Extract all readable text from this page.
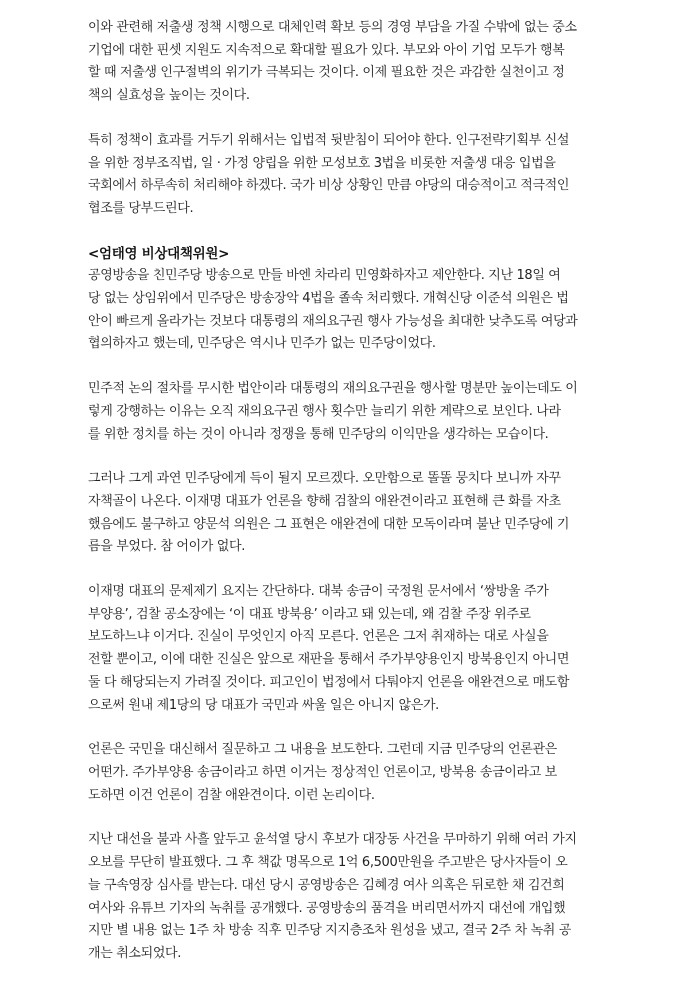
이와 관련해 저출생 정책 시행으로 대체인력 확보 등의 경영 부담을 가질 수밖에 없는 중소
기업에 대한 핀셋 지원도 지속적으로 확대할 필요가 있다. 부모와 아이 기업 모두가 행복
할 때 저출생 인구절벽의 위기가 극복되는 것이다. 이제 필요한 것은 과감한 실천이고 정
책의 실효성을 높이는 것이다.

특히 정책이 효과를 거두기 위해서는 입법적 뒷받침이 되어야 한다. 인구전략기획부 신설
을 위한 정부조직법, 일 · 가정 양립을 위한 모성보호 3법을 비롯한 저출생 대응 입법을
국회에서 하루속히 처리해야 하겠다. 국가 비상 상황인 만큼 야당의 대승적이고 적극적인
협조를 당부드린다.

<엄태영 비상대책위원>

공영방송을 친민주당 방송으로 만들 바엔 차라리 민영화하자고 제안한다. 지난 18일 여
당 없는 상임위에서 민주당은 방송장악 4법을 졸속 처리했다. 개혁신당 이준석 의원은 법
안이 빠르게 올라가는 것보다 대통령의 재의요구권 행사 가능성을 최대한 낮추도록 여당과
협의하자고 했는데, 민주당은 역시나 민주가 없는 민주당이었다.

민주적 논의 절차를 무시한 법안이라 대통령의 재의요구권을 행사할 명분만 높이는데도 이
렇게 강행하는 이유는 오직 재의요구권 행사 횟수만 늘리기 위한 계략으로 보인다. 나라
를 위한 정치를 하는 것이 아니라 정쟁을 통해 민주당의 이익만을 생각하는 모습이다.

그러나 그게 과연 민주당에게 득이 될지 모르겠다. 오만함으로 똘똘 뭉치다 보니까 자꾸
자책골이 나온다. 이재명 대표가 언론을 향해 검찰의 애완견이라고 표현해 큰 화를 자초
했음에도 불구하고 양문석 의원은 그 표현은 애완견에 대한 모독이라며 불난 민주당에 기
름을 부었다. 참 어이가 없다.

이재명 대표의 문제제기 요지는 간단하다. 대북 송금이 국정원 문서에서 ‘쌍방울 주가
부양용’, 검찰 공소장에는 ‘이 대표 방북용’ 이라고 돼 있는데, 왜 검찰 주장 위주로
보도하느냐 이거다. 진실이 무엇인지 아직 모른다. 언론은 그저 취재하는 대로 사실을
전할 뿐이고, 이에 대한 진실은 앞으로 재판을 통해서 주가부양용인지 방북용인지 아니면
둘 다 해당되는지 가려질 것이다. 피고인이 법정에서 다퉈야지 언론을 애완견으로 매도함
으로써 원내 제1당의 당 대표가 국민과 싸울 일은 아니지 않은가.

언론은 국민을 대신해서 질문하고 그 내용을 보도한다. 그런데 지금 민주당의 언론관은
어떤가. 주가부양용 송금이라고 하면 이거는 정상적인 언론이고, 방북용 송금이라고 보
도하면 이건 언론이 검찰 애완견이다. 이런 논리이다.

지난 대선을 불과 사흘 앞두고 윤석열 당시 후보가 대장동 사건을 무마하기 위해 여러 가지
오보를 무단히 발표했다. 그 후 책값 명목으로 1억 6,500만원을 주고받은 당사자들이 오
늘 구속영장 심사를 받는다. 대선 당시 공영방송은 김혜경 여사 의혹은 뒤로한 채 김건희
여사와 유튜브 기자의 녹취를 공개했다. 공영방송의 품격을 버리면서까지 대선에 개입했
지만 별 내용 없는 1주 차 방송 직후 민주당 지지층조차 원성을 냈고, 결국 2주 차 녹취 공
개는 취소되었다.
